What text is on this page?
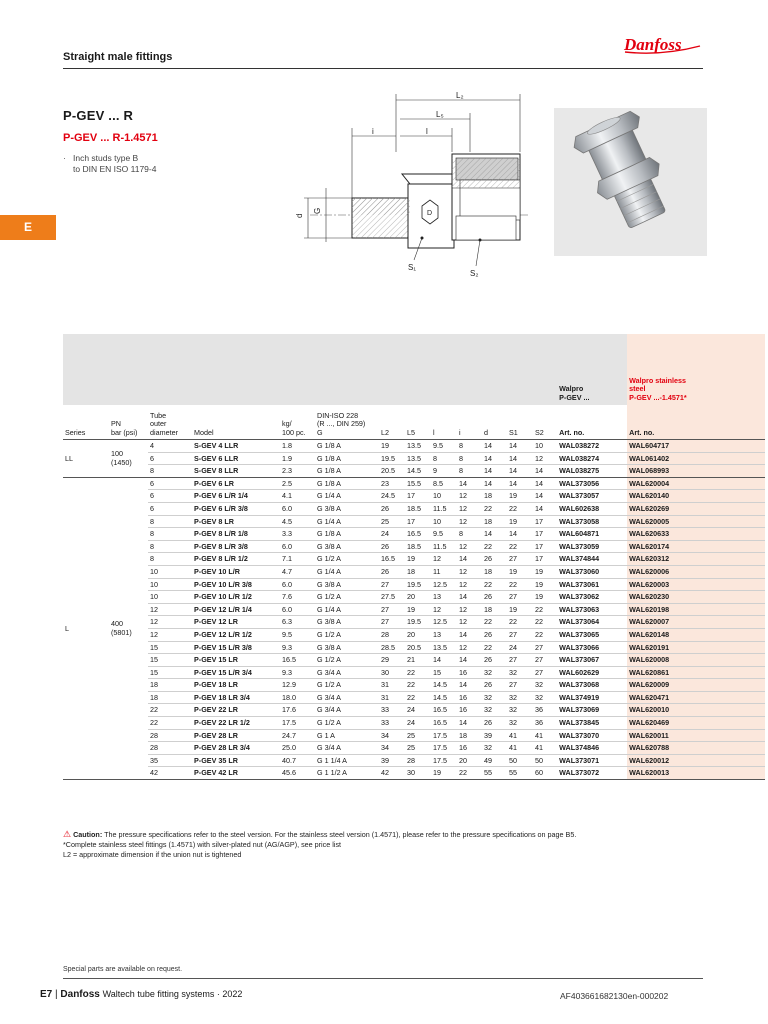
Straight male fittings
Danfoss
P-GEV ... R
P-GEV ... R-1.4571
· Inch studs type B
to DIN EN ISO 1179-4
E
L₂
L₅
i	l
D
d
G
S₁
S₂
													Walpro
P-GEV ...	Walpro stainless
steel
P-GEV ...-1.4571*
Series	PN
bar (psi)	Tube
outer
diameter	Model	kg/
100 pc.	DIN-ISO 228
(R ..., DIN 259)
G	L2	L5	l	i	d	S1	S2	Art. no.	Art. no.
LL	100
(1450)	4	S-GEV 4 LLR	1.8	G 1/8 A	19	13.5	9.5	8	14	14	10	WAL038272	WAL604717
		6	S-GEV 6 LLR	1.9	G 1/8 A	19.5	13.5	8	8	14	14	12	WAL038274	WAL061402
		8	S-GEV 8 LLR	2.3	G 1/8 A	20.5	14.5	9	8	14	14	14	WAL038275	WAL068993
L	400
(5801)	6	P-GEV 6 LR	2.5	G 1/8 A	23	15.5	8.5	14	14	14	14	WAL373056	WAL620004
		6	P-GEV 6 L/R 1/4	4.1	G 1/4 A	24.5	17	10	12	18	19	14	WAL373057	WAL620140
		6	P-GEV 6 L/R 3/8	6.0	G 3/8 A	26	18.5	11.5	12	22	22	14	WAL602638	WAL620269
		8	P-GEV 8 LR	4.5	G 1/4 A	25	17	10	12	18	19	17	WAL373058	WAL620005
		8	P-GEV 8 L/R 1/8	3.3	G 1/8 A	24	16.5	9.5	8	14	14	17	WAL604871	WAL620633
		8	P-GEV 8 L/R 3/8	6.0	G 3/8 A	26	18.5	11.5	12	22	22	17	WAL373059	WAL620174
		8	P-GEV 8 L/R 1/2	7.1	G 1/2 A	16.5	19	12	14	26	27	17	WAL374844	WAL620312
		10	P-GEV 10 L/R	4.7	G 1/4 A	26	18	11	12	18	19	19	WAL373060	WAL620006
		10	P-GEV 10 L/R 3/8	6.0	G 3/8 A	27	19.5	12.5	12	22	22	19	WAL373061	WAL620003
		10	P-GEV 10 L/R 1/2	7.6	G 1/2 A	27.5	20	13	14	26	27	19	WAL373062	WAL620230
		12	P-GEV 12 L/R 1/4	6.0	G 1/4 A	27	19	12	12	18	19	22	WAL373063	WAL620198
		12	P-GEV 12 LR	6.3	G 3/8 A	27	19.5	12.5	12	22	22	22	WAL373064	WAL620007
		12	P-GEV 12 L/R 1/2	9.5	G 1/2 A	28	20	13	14	26	27	22	WAL373065	WAL620148
		15	P-GEV 15 L/R 3/8	9.3	G 3/8 A	28.5	20.5	13.5	12	22	24	27	WAL373066	WAL620191
		15	P-GEV 15 LR	16.5	G 1/2 A	29	21	14	14	26	27	27	WAL373067	WAL620008
		15	P-GEV 15 L/R 3/4	9.3	G 3/4 A	30	22	15	16	32	32	27	WAL602629	WAL620861
		18	P-GEV 18 LR	12.9	G 1/2 A	31	22	14.5	14	26	27	32	WAL373068	WAL620009
		18	P-GEV 18 LR 3/4	18.0	G 3/4 A	31	22	14.5	16	32	32	32	WAL374919	WAL620471
		22	P-GEV 22 LR	17.6	G 3/4 A	33	24	16.5	16	32	32	36	WAL373069	WAL620010
		22	P-GEV 22 LR 1/2	17.5	G 1/2 A	33	24	16.5	14	26	32	36	WAL373845	WAL620469
		28	P-GEV 28 LR	24.7	G 1 A	34	25	17.5	18	39	41	41	WAL373070	WAL620011
		28	P-GEV 28 LR 3/4	25.0	G 3/4 A	34	25	17.5	16	32	41	41	WAL374846	WAL620788
		35	P-GEV 35 LR	40.7	G 1 1/4 A	39	28	17.5	20	49	50	50	WAL373071	WAL620012
		42	P-GEV 42 LR	45.6	G 1 1/2 A	42	30	19	22	55	55	60	WAL373072	WAL620013
⚠ Caution: The pressure specifications refer to the steel version. For the stainless steel version (1.4571), please refer to the pressure specifications on page B5.
*Complete stainless steel fittings (1.4571) with silver-plated nut (AG/AGP), see price list
L2 = approximate dimension if the union nut is tightened
Special parts are available on request.
E7 | Danfoss Waltech tube fitting systems · 2022	AF403661682130en-000202
